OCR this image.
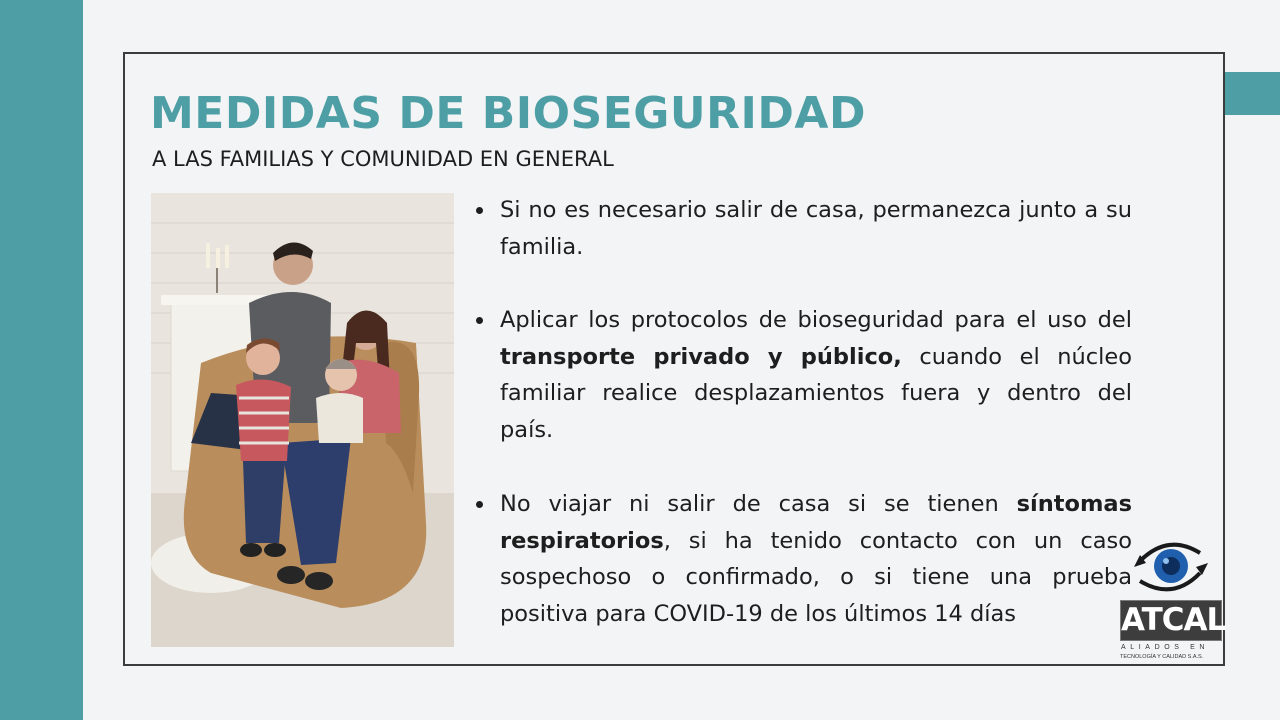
MEDIDAS DE BIOSEGURIDAD
A LAS FAMILIAS Y COMUNIDAD EN GENERAL
Si no es necesario salir de casa, permanezca junto a su familia.
Aplicar los protocolos de bioseguridad para el uso del transporte privado y público, cuando el núcleo familiar realice desplazamientos fuera y dentro del país.
No viajar ni salir de casa si se tienen síntomas respiratorios, si ha tenido contacto con un caso sospechoso o confirmado, o si tiene una prueba positiva para COVID-19 de los últimos 14 días	ATCAL
ALIADOS EN
TECNOLOGÍA Y CALIDAD S.A.S.
